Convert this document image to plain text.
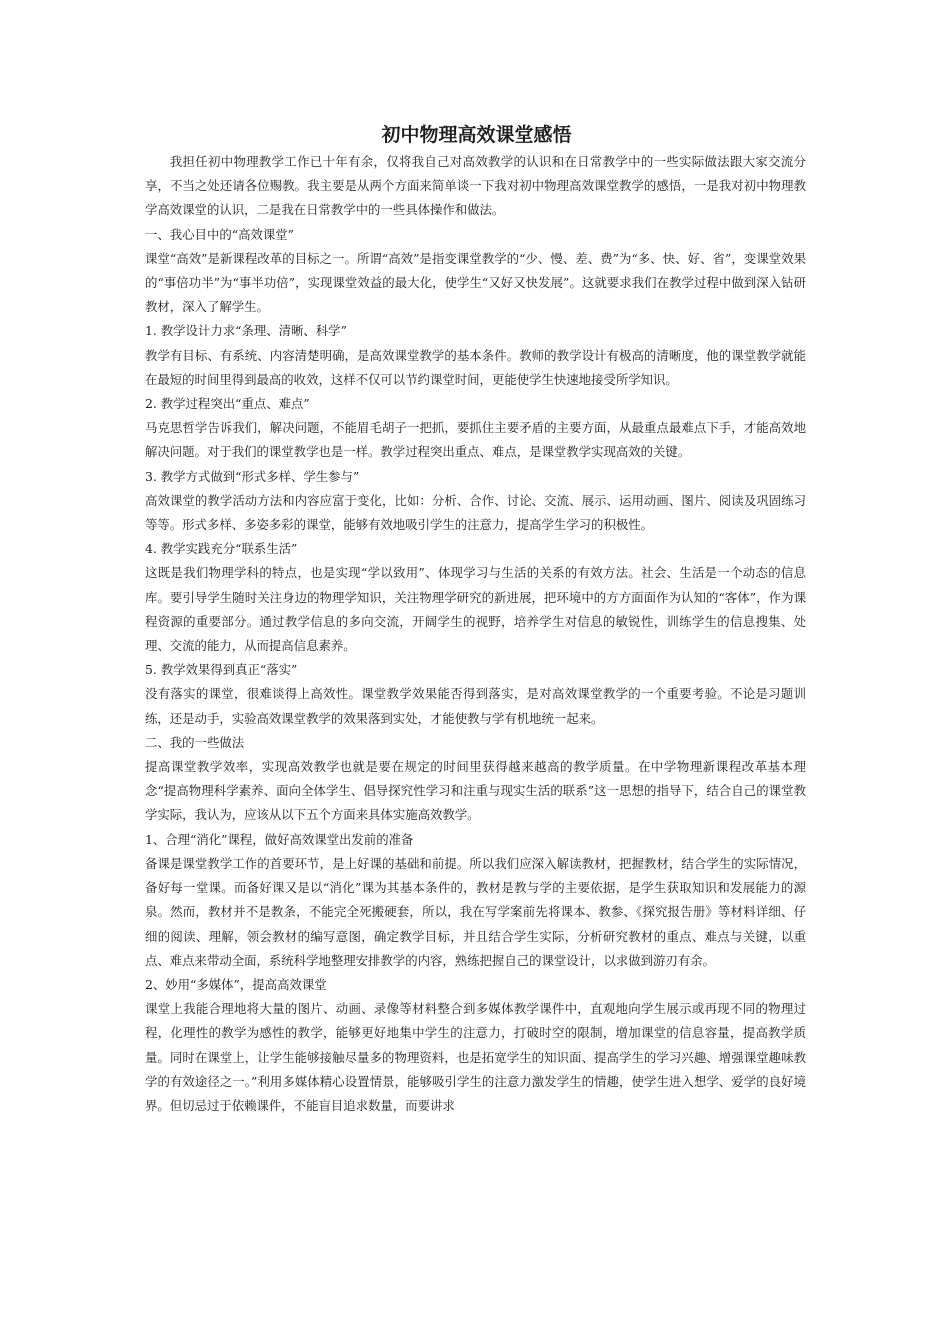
初中物理高效课堂感悟

我担任初中物理教学工作已十年有余，仅将我自己对高效教学的认识和在日常教学中的一些实际做法跟大家交流分享，不当之处还请各位赐教。我主要是从两个方面来简单谈一下我对初中物理高效课堂教学的感悟，一是我对初中物理教学高效课堂的认识，二是我在日常教学中的一些具体操作和做法。

一、我心目中的“高效课堂”

课堂“高效”是新课程改革的目标之一。所谓“高效”是指变课堂教学的“少、慢、差、费”为“多、快、好、省”，变课堂效果的“事倍功半”为“事半功倍”，实现课堂效益的最大化，使学生“又好又快发展”。这就要求我们在教学过程中做到深入钻研教材，深入了解学生。

1. 教学设计力求“条理、清晰、科学”

教学有目标、有系统、内容清楚明确，是高效课堂教学的基本条件。教师的教学设计有极高的清晰度，他的课堂教学就能在最短的时间里得到最高的收效，这样不仅可以节约课堂时间，更能使学生快速地接受所学知识。

2. 教学过程突出“重点、难点”

马克思哲学告诉我们，解决问题，不能眉毛胡子一把抓，要抓住主要矛盾的主要方面，从最重点最难点下手，才能高效地解决问题。对于我们的课堂教学也是一样。教学过程突出重点、难点，是课堂教学实现高效的关键。

3. 教学方式做到“形式多样、学生参与”

高效课堂的教学活动方法和内容应富于变化，比如：分析、合作、讨论、交流、展示、运用动画、图片、阅读及巩固练习等等。形式多样、多姿多彩的课堂，能够有效地吸引学生的注意力，提高学生学习的积极性。

4. 教学实践充分“联系生活”

这既是我们物理学科的特点，也是实现“学以致用”、体现学习与生活的关系的有效方法。社会、生活是一个动态的信息库。要引导学生随时关注身边的物理学知识，关注物理学研究的新进展，把环境中的方方面面作为认知的“客体”，作为课程资源的重要部分。通过教学信息的多向交流，开阔学生的视野，培养学生对信息的敏锐性，训练学生的信息搜集、处理、交流的能力，从而提高信息素养。

5. 教学效果得到真正“落实”

没有落实的课堂，很难谈得上高效性。课堂教学效果能否得到落实，是对高效课堂教学的一个重要考验。不论是习题训练，还是动手，实验高效课堂教学的效果落到实处，才能使教与学有机地统一起来。

二、我的一些做法

提高课堂教学效率，实现高效教学也就是要在规定的时间里获得越来越高的教学质量。在中学物理新课程改革基本理念“提高物理科学素养、面向全体学生、倡导探究性学习和注重与现实生活的联系”这一思想的指导下，结合自己的课堂教学实际，我认为，应该从以下五个方面来具体实施高效教学。

1、合理“消化”课程，做好高效课堂出发前的准备

备课是课堂教学工作的首要环节，是上好课的基础和前提。所以我们应深入解读教材，把握教材，结合学生的实际情况，备好每一堂课。而备好课又是以“消化”课为其基本条件的，教材是教与学的主要依据，是学生获取知识和发展能力的源泉。然而，教材并不是教条，不能完全死搬硬套，所以，我在写学案前先将课本、教参、《探究报告册》等材料详细、仔细的阅读、理解，领会教材的编写意图，确定教学目标，并且结合学生实际，分析研究教材的重点、难点与关键，以重点、难点来带动全面，系统科学地整理安排教学的内容，熟练把握自己的课堂设计，以求做到游刃有余。

2、妙用“多媒体”，提高高效课堂

课堂上我能合理地将大量的图片、动画、录像等材料整合到多媒体教学课件中，直观地向学生展示或再现不同的物理过程，化理性的教学为感性的教学，能够更好地集中学生的注意力，打破时空的限制，增加课堂的信息容量，提高教学质量。同时在课堂上，让学生能够接触尽量多的物理资料，也是拓宽学生的知识面、提高学生的学习兴趣、增强课堂趣味教学的有效途径之一。”利用多媒体精心设置情景，能够吸引学生的注意力激发学生的情趣，使学生进入想学、爱学的良好境界。但切忌过于依赖课件，不能盲目追求数量，而要讲求
